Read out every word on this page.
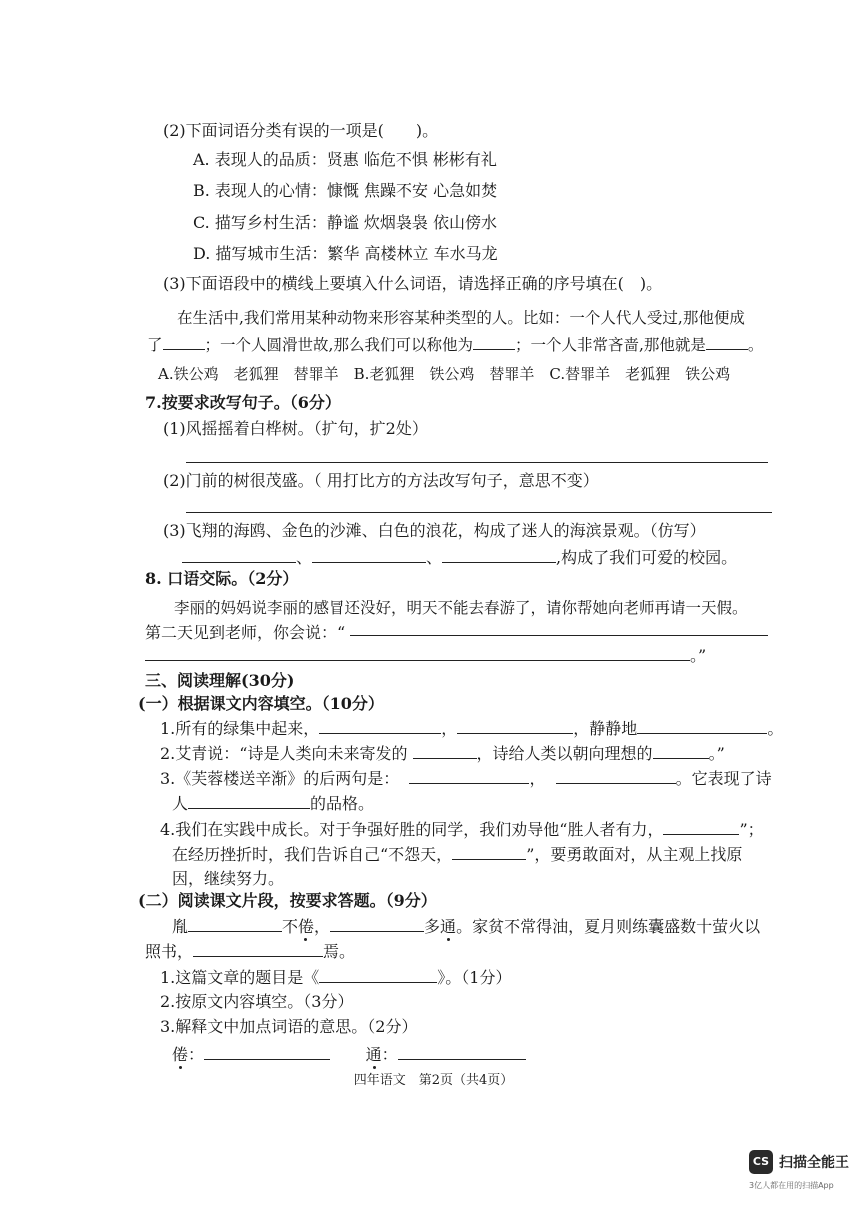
(2)下面词语分类有误的一项是(　　)。
A. 表现人的品质：贤惠 临危不惧 彬彬有礼
B. 表现人的心情：慷慨 焦躁不安 心急如焚
C. 描写乡村生活：静谧 炊烟袅袅 依山傍水
D. 描写城市生活：繁华 高楼林立 车水马龙
(3)下面语段中的横线上要填入什么词语，请选择正确的序号填在(　)。
在生活中,我们常用某种动物来形容某种类型的人。比如：一个人代人受过,那他便成
了	；一个人圆滑世故,那么我们可以称他为	；一个人非常吝啬,那他就是	。
A.铁公鸡　老狐狸　替罪羊　B.老狐狸　铁公鸡　替罪羊　C.替罪羊　老狐狸　铁公鸡
7.按要求改写句子。（6分）
(1)风摇摇着白桦树。（扩句，扩2处）
(2)门前的树很茂盛。（ 用打比方的方法改写句子，意思不变）
(3)飞翔的海鸥、金色的沙滩、白色的浪花，构成了迷人的海滨景观。（仿写）
、	、	,构成了我们可爱的校园。
8. 口语交际。（2分）
李丽的妈妈说李丽的感冒还没好，明天不能去春游了，请你帮她向老师再请一天假。
第二天见到老师，你会说：“
。”
三、阅读理解(30分)
(一）根据课文内容填空。（10分）
1.所有的绿集中起来，	，	，静静地	。
2.艾青说：“诗是人类向未来寄发的	，诗给人类以朝向理想的	。”
3.《芙蓉楼送辛渐》的后两句是：	，	。它表现了诗
人	的品格。
4.我们在实践中成长。对于争强好胜的同学，我们劝导他“胜人者有力，	”；
在经历挫折时，我们告诉自己“不怨天，	”，要勇敢面对，从主观上找原
因，继续努力。
(二）阅读课文片段，按要求答题。（9分）
胤	不倦，	多通。家贫不常得油，夏月则练囊盛数十萤火以
照书，	焉。
1.这篇文章的题目是《	》。（1分）
2.按原文内容填空。（3分）
3.解释文中加点词语的意思。（2分）
倦：	通：
四年语文　第2页（共4页）
CS 扫描全能王
3亿人都在用的扫描App
